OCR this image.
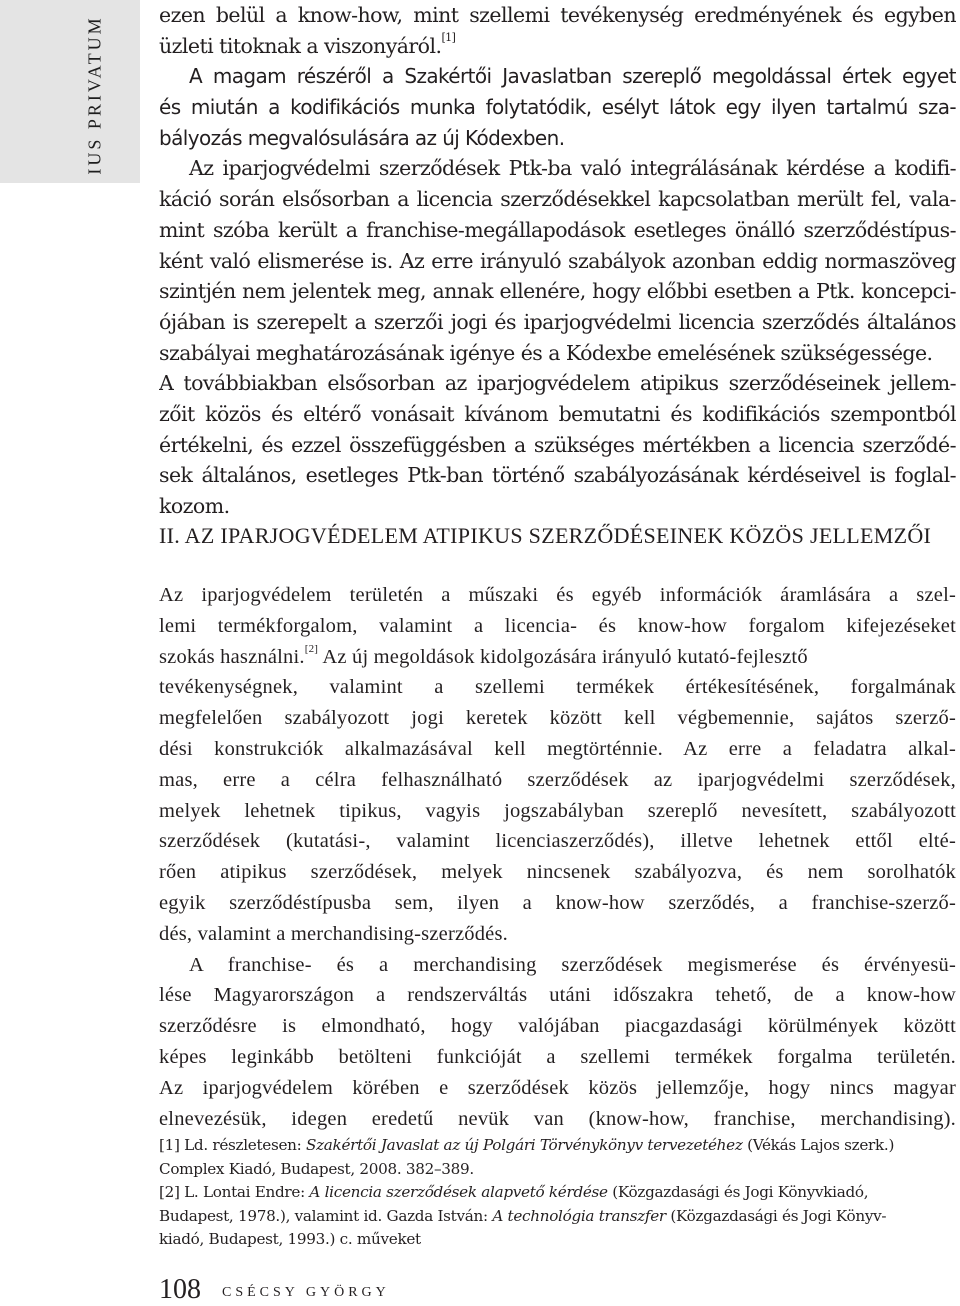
IUS PRIVATUM
ezen belül a know-how, mint szellemi tevékenység eredményének és egyben
üzleti titoknak a viszonyáról.[1]
A magam részéről a Szakértői Javaslatban szereplő megoldással értek egyet
és miután a kodifikációs munka folytatódik, esélyt látok egy ilyen tartalmú sza-
bályozás megvalósulására az új Kódexben.
Az iparjogvédelmi szerződések Ptk-ba való integrálásának kérdése a kodifi-
káció során elsősorban a licencia szerződésekkel kapcsolatban merült fel, vala-
mint szóba került a franchise-megállapodások esetleges önálló szerződéstípus-
ként való elismerése is. Az erre irányuló szabályok azonban eddig normaszöveg
szintjén nem jelentek meg, annak ellenére, hogy előbbi esetben a Ptk. koncepci-
ójában is szerepelt a szerzői jogi és iparjogvédelmi licencia szerződés általános
szabályai meghatározásának igénye és a Kódexbe emelésének szükségessége.
A továbbiakban elsősorban az iparjogvédelem atipikus szerződéseinek jellem-
zőit közös és eltérő vonásait kívánom bemutatni és kodifikációs szempontból
értékelni, és ezzel összefüggésben a szükséges mértékben a licencia szerződé-
sek általános, esetleges Ptk-ban történő szabályozásának kérdéseivel is foglal-
kozom.
II. AZ IPARJOGVÉDELEM ATIPIKUS SZERZŐDÉSEINEK KÖZÖS JELLEMZŐI
Az iparjogvédelem területén a műszaki és egyéb információk áramlására a szel-
lemi termékforgalom, valamint a licencia- és know-how forgalom kifejezéseket
szokás használni.[2] Az új megoldások kidolgozására irányuló kutató-fejlesztő
tevékenységnek, valamint a szellemi termékek értékesítésének, forgalmának
megfelelően szabályozott jogi keretek között kell végbemennie, sajátos szerző-
dési konstrukciók alkalmazásával kell megtörténnie. Az erre a feladatra alkal-
mas, erre a célra felhasználható szerződések az iparjogvédelmi szerződések,
melyek lehetnek tipikus, vagyis jogszabályban szereplő nevesített, szabályozott
szerződések (kutatási-, valamint licenciaszerződés), illetve lehetnek ettől elté-
rően atipikus szerződések, melyek nincsenek szabályozva, és nem sorolhatók
egyik szerződéstípusba sem, ilyen a know-how szerződés, a franchise-szerző-
dés, valamint a merchandising-szerződés.
A franchise- és a merchandising szerződések megismerése és érvényesü-
lése Magyarországon a rendszerváltás utáni időszakra tehető, de a know-how
szerződésre is elmondható, hogy valójában piacgazdasági körülmények között
képes leginkább betölteni funkcióját a szellemi termékek forgalma területén.
Az iparjogvédelem körében e szerződések közös jellemzője, hogy nincs magyar
elnevezésük, idegen eredetű nevük van (know-how, franchise, merchandising).
[1] Ld. részletesen: Szakértői Javaslat az új Polgári Törvénykönyv tervezetéhez (Vékás Lajos szerk.)
Complex Kiadó, Budapest, 2008. 382–389.
[2] L. Lontai Endre: A licencia szerződések alapvető kérdése (Közgazdasági és Jogi Könyvkiadó,
Budapest, 1978.), valamint id. Gazda István: A technológia transzfer (Közgazdasági és Jogi Könyv-
kiadó, Budapest, 1993.) c. műveket
108 CSÉCSY GYÖRGY
